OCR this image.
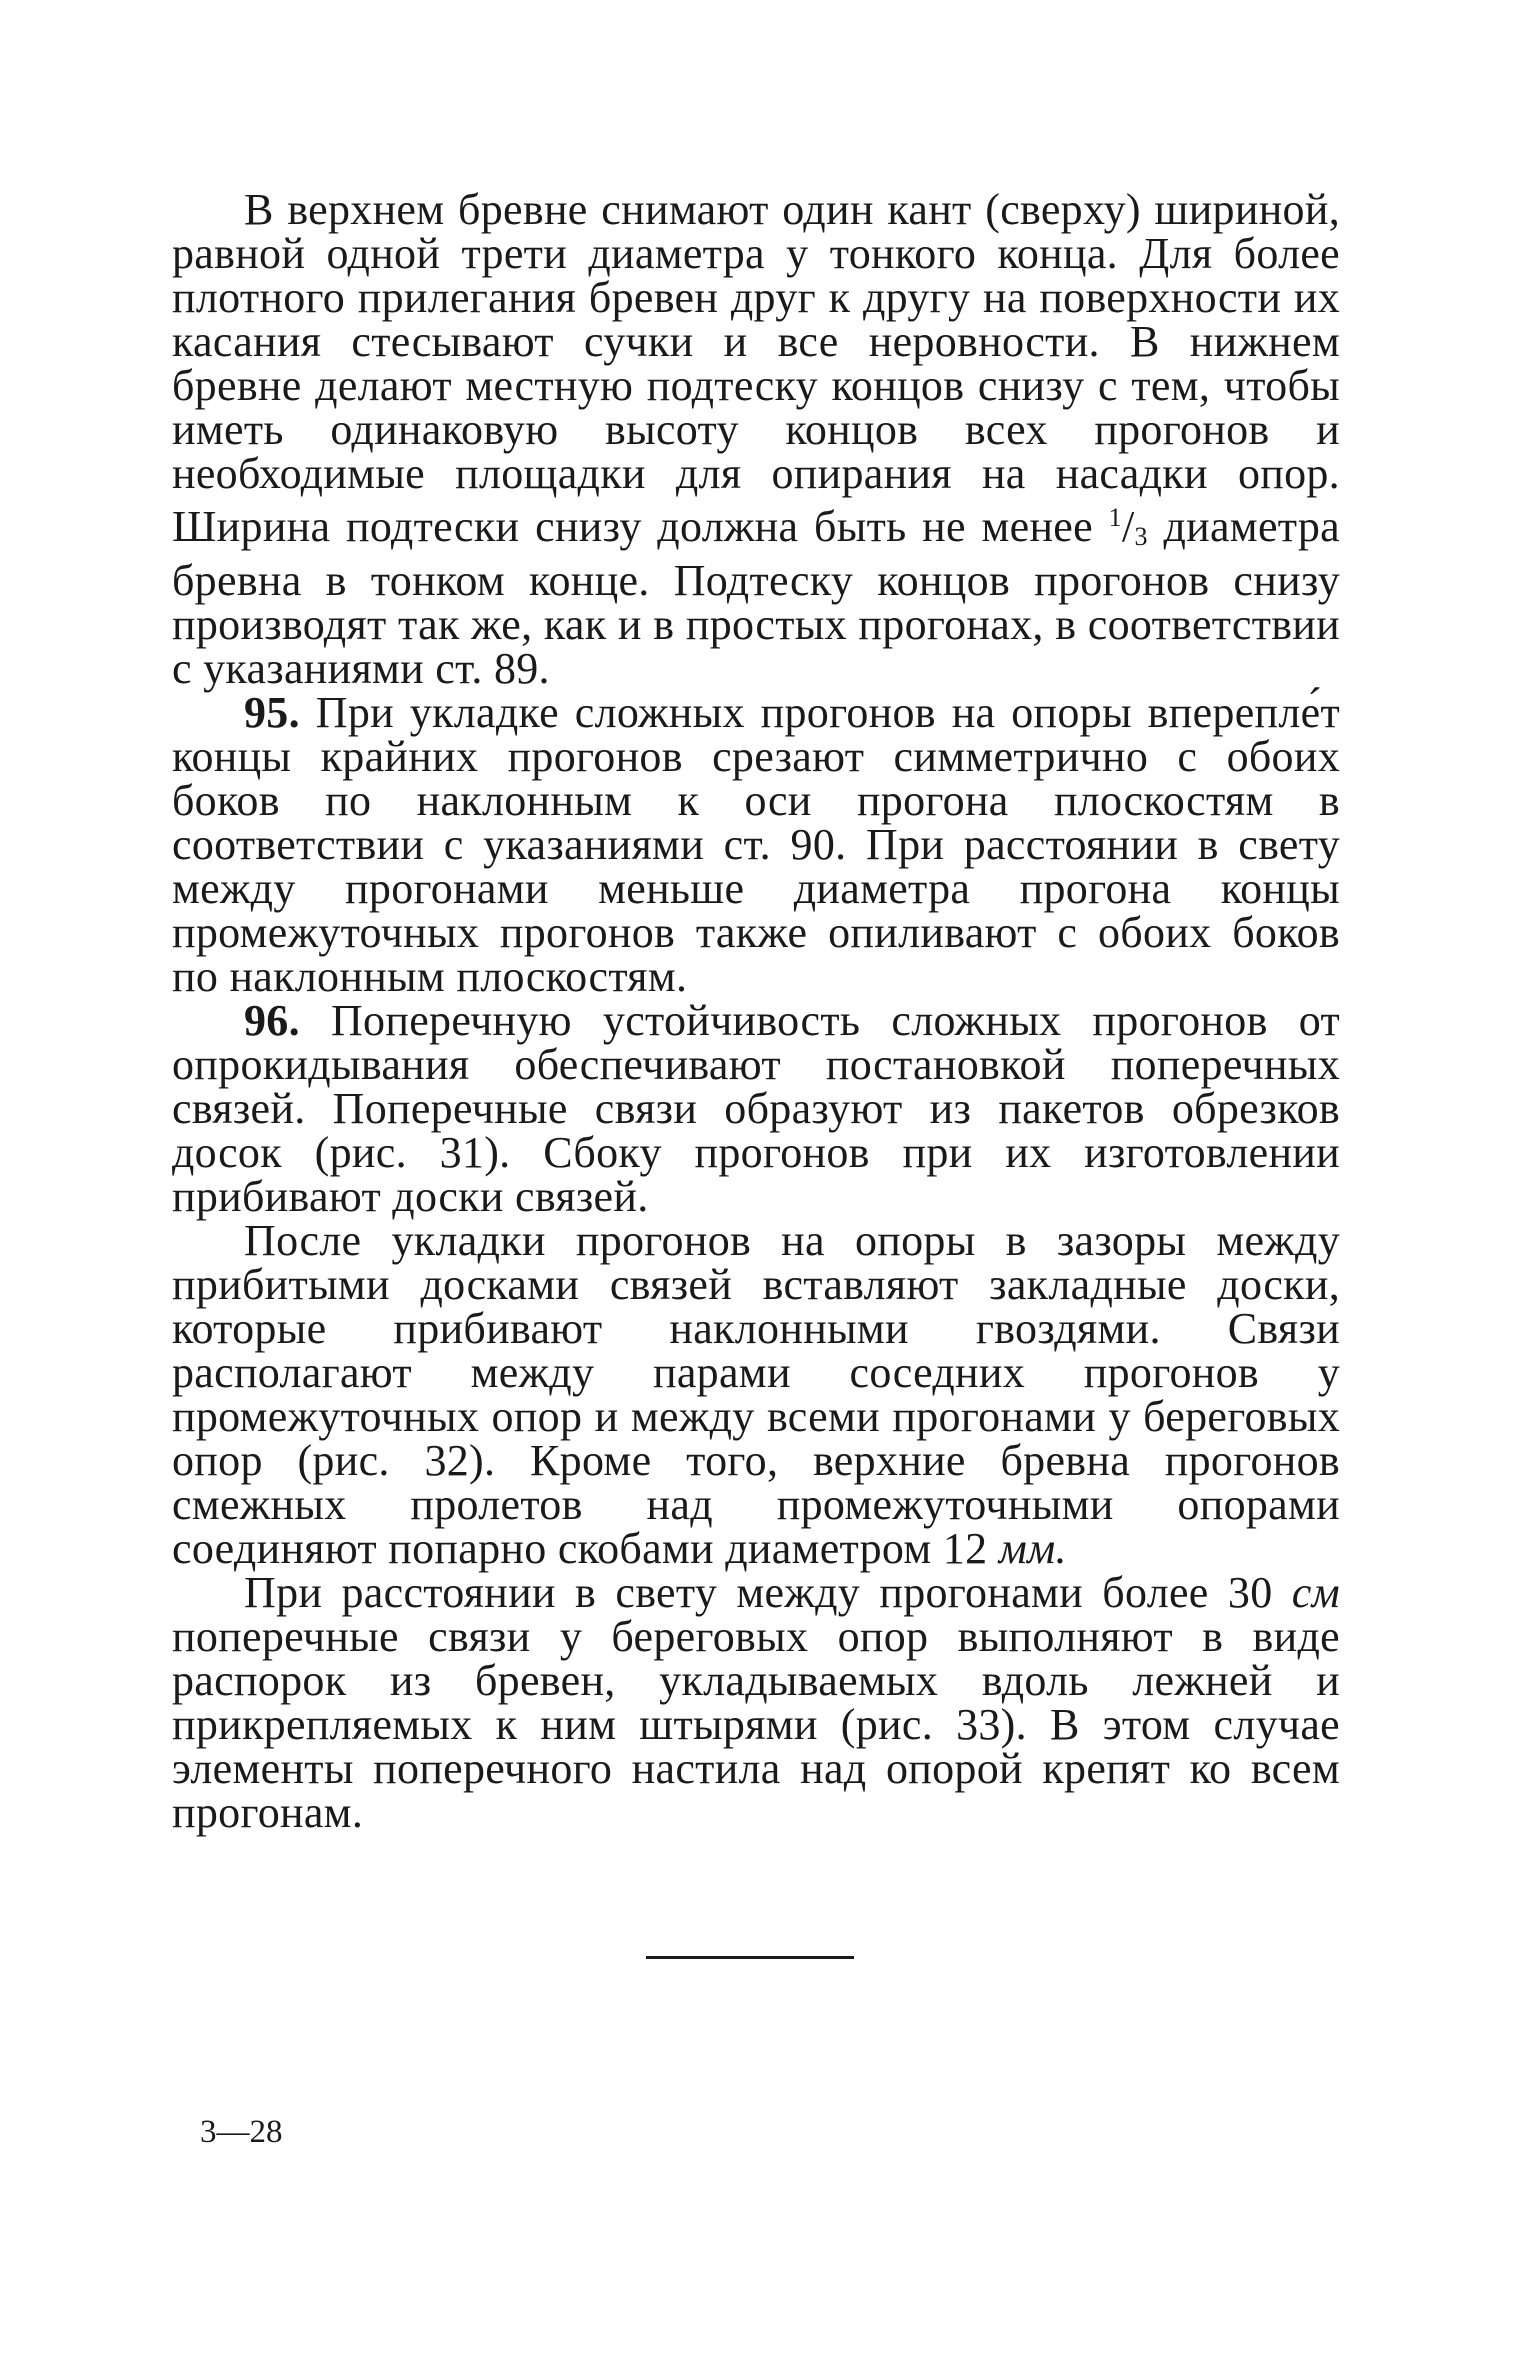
В верхнем бревне снимают один кант (сверху) шириной, равной одной трети диаметра у тонкого конца. Для более плотного прилегания бревен друг к другу на поверхности их касания стесывают сучки и все неровности. В нижнем бревне делают местную подтеску концов снизу с тем, чтобы иметь одинаковую высоту концов всех прогонов и необходимые площадки для опирания на насадки опор. Ширина подтески снизу должна быть не менее $^1$/3 диаметра бревна в тонком конце. Подтеску концов прогонов снизу производят так же, как и в простых прогонах, в соответствии с указаниями ст. 89.

95. При укладке сложных прогонов на опоры вперепле́т концы крайних прогонов срезают симметрично с обоих боков по наклонным к оси прогона плоскостям в соответствии с указаниями ст. 90. При расстоянии в свету между прогонами меньше диаметра прогона концы промежуточных прогонов также опиливают с обоих боков по наклонным плоскостям.

96. Поперечную устойчивость сложных прогонов от опрокидывания обеспечивают постановкой поперечных связей. Поперечные связи образуют из пакетов обрезков досок (рис. 31). Сбоку прогонов при их изготовлении прибивают доски связей.

После укладки прогонов на опоры в зазоры между прибитыми досками связей вставляют закладные доски, которые прибивают наклонными гвоздями. Связи располагают между парами соседних прогонов у промежуточных опор и между всеми прогонами у береговых опор (рис. 32). Кроме того, верхние бревна прогонов смежных пролетов над промежуточными опорами соединяют попарно скобами диаметром 12 мм.

При расстоянии в свету между прогонами более 30 см поперечные связи у береговых опор выполняют в виде распорок из бревен, укладываемых вдоль лежней и прикрепляемых к ним штырями (рис. 33). В этом случае элементы поперечного настила над опорой крепят ко всем прогонам.

3—28
